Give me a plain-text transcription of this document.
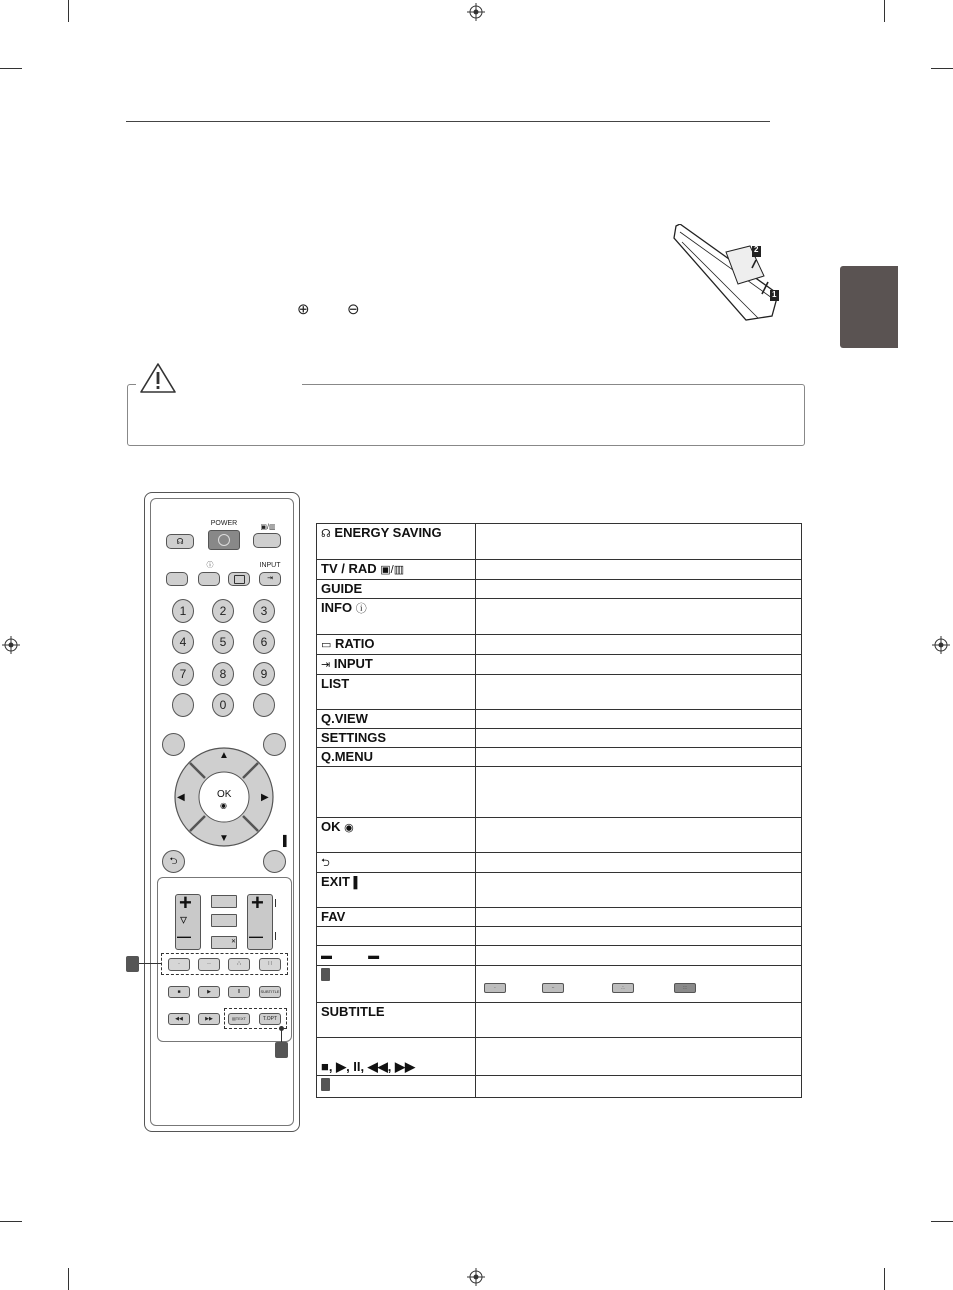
⊕ ⊖
2
1
☊
POWER
▣/▥
ⓘ	INPUT
⇥
1	2	3
4	5	6
7	8	9
0
▲
▼
◀	▶
OK
◉
⮌
▌
+
▿
—	✕
+
—
·	··	∴	∷
■	▶	II	SUBTITLE
◀◀	▶▶	▤TEXT	T.OPT
☊ ENERGY SAVING	
TV / RAD ▣/▥	
GUIDE	
INFO ⓘ	
▭ RATIO	
⇥ INPUT	
LIST	
Q.VIEW	
SETTINGS	
Q.MENU	

OK ◉	
⮌	
EXIT ▌	
FAV	

▬ ▬	

· ·· ∴ ∷
SUBTITLE	
■, ▶, II, ◀◀, ▶▶	
